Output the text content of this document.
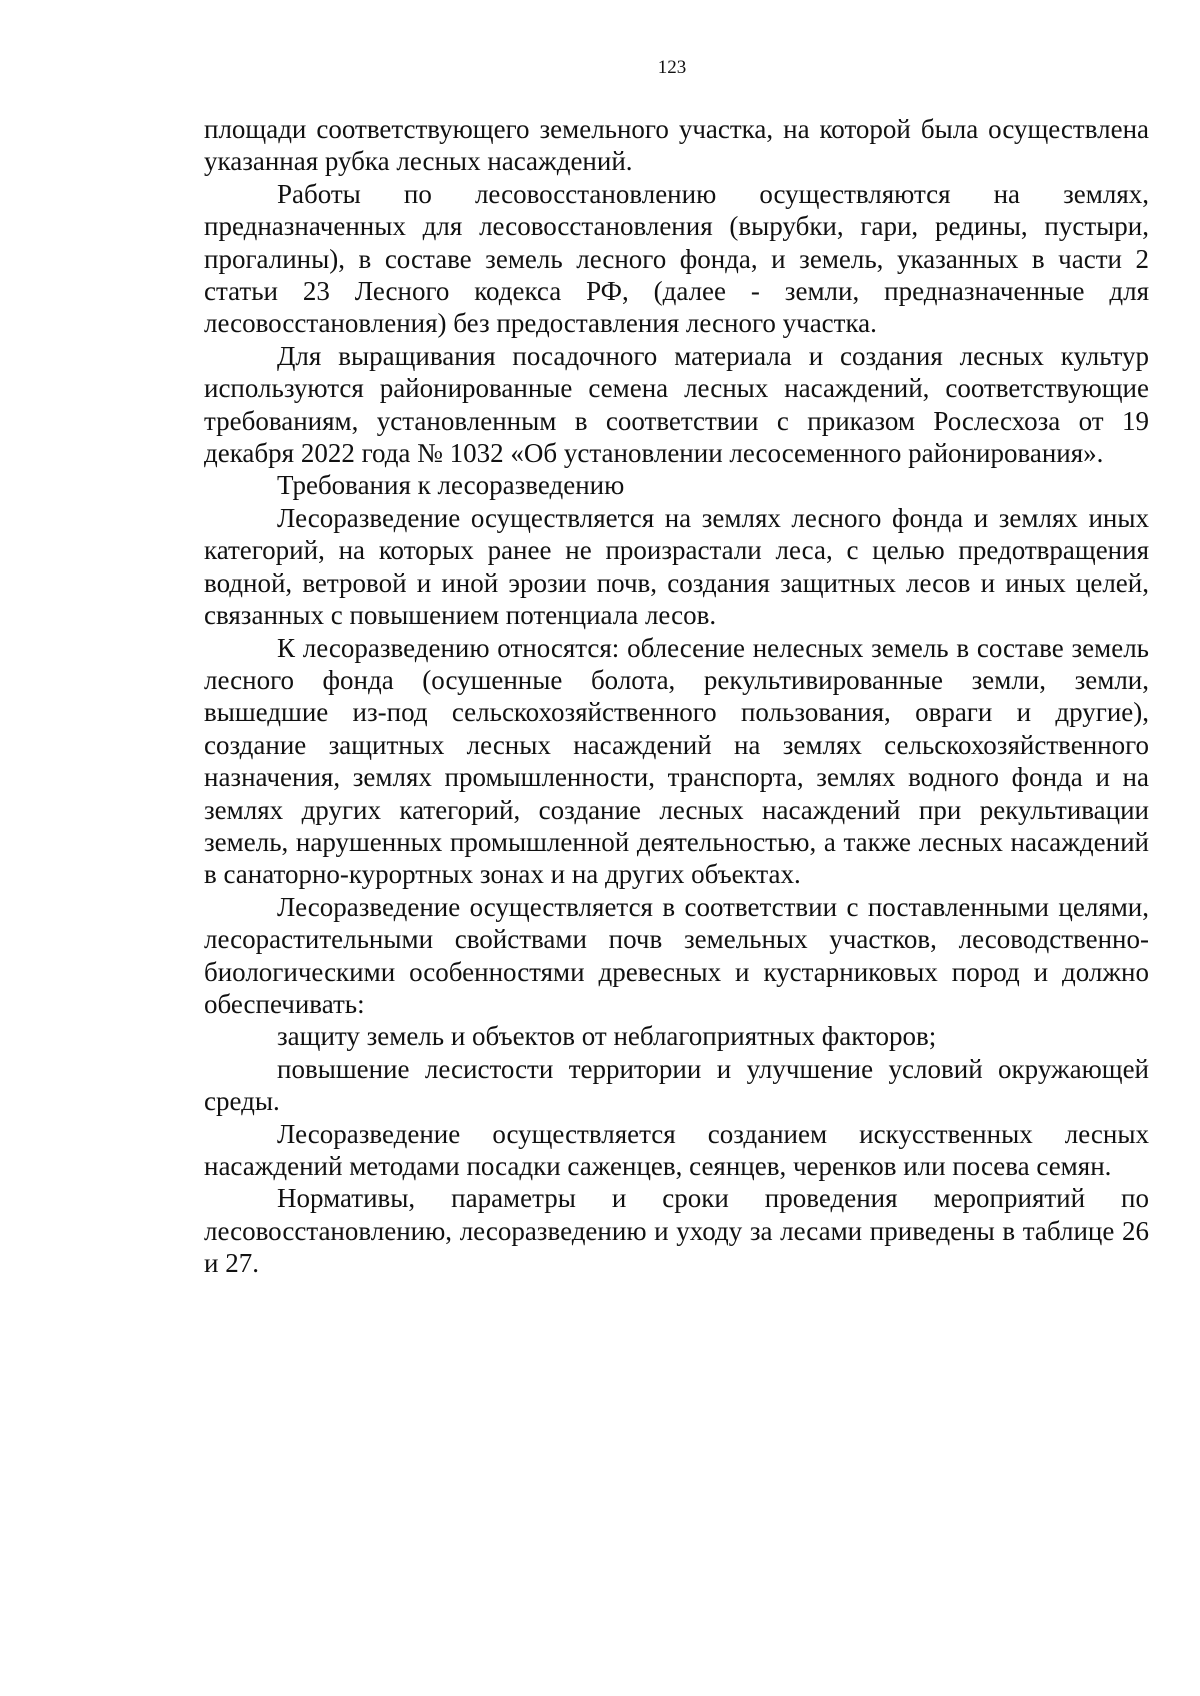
123

площади соответствующего земельного участка, на которой была осуществлена указанная рубка лесных насаждений.

Работы по лесовосстановлению осуществляются на землях, предназначенных для лесовосстановления (вырубки, гари, редины, пустыри, прогалины), в составе земель лесного фонда, и земель, указанных в части 2 статьи 23 Лесного кодекса РФ, (далее - земли, предназначенные для лесовосстановления) без предоставления лесного участка.

Для выращивания посадочного материала и создания лесных культур используются районированные семена лесных насаждений, соответствующие требованиям, установленным в соответствии с приказом Рослесхоза от 19 декабря 2022 года № 1032 «Об установлении лесосеменного районирования».

Требования к лесоразведению

Лесоразведение осуществляется на землях лесного фонда и землях иных категорий, на которых ранее не произрастали леса, с целью предотвращения водной, ветровой и иной эрозии почв, создания защитных лесов и иных целей, связанных с повышением потенциала лесов.

К лесоразведению относятся: облесение нелесных земель в составе земель лесного фонда (осушенные болота, рекультивированные земли, земли, вышедшие из-под сельскохозяйственного пользования, овраги и другие), создание защитных лесных насаждений на землях сельскохозяйственного назначения, землях промышленности, транспорта, землях водного фонда и на землях других категорий, создание лесных насаждений при рекультивации земель, нарушенных промышленной деятельностью, а также лесных насаждений в санаторно-курортных зонах и на других объектах.

Лесоразведение осуществляется в соответствии с поставленными целями, лесорастительными свойствами почв земельных участков, лесоводственно-биологическими особенностями древесных и кустарниковых пород и должно обеспечивать:

защиту земель и объектов от неблагоприятных факторов;

повышение лесистости территории и улучшение условий окружающей среды.

Лесоразведение осуществляется созданием искусственных лесных насаждений методами посадки саженцев, сеянцев, черенков или посева семян.

Нормативы, параметры и сроки проведения мероприятий по лесовосстановлению, лесоразведению и уходу за лесами приведены в таблице 26 и 27.
